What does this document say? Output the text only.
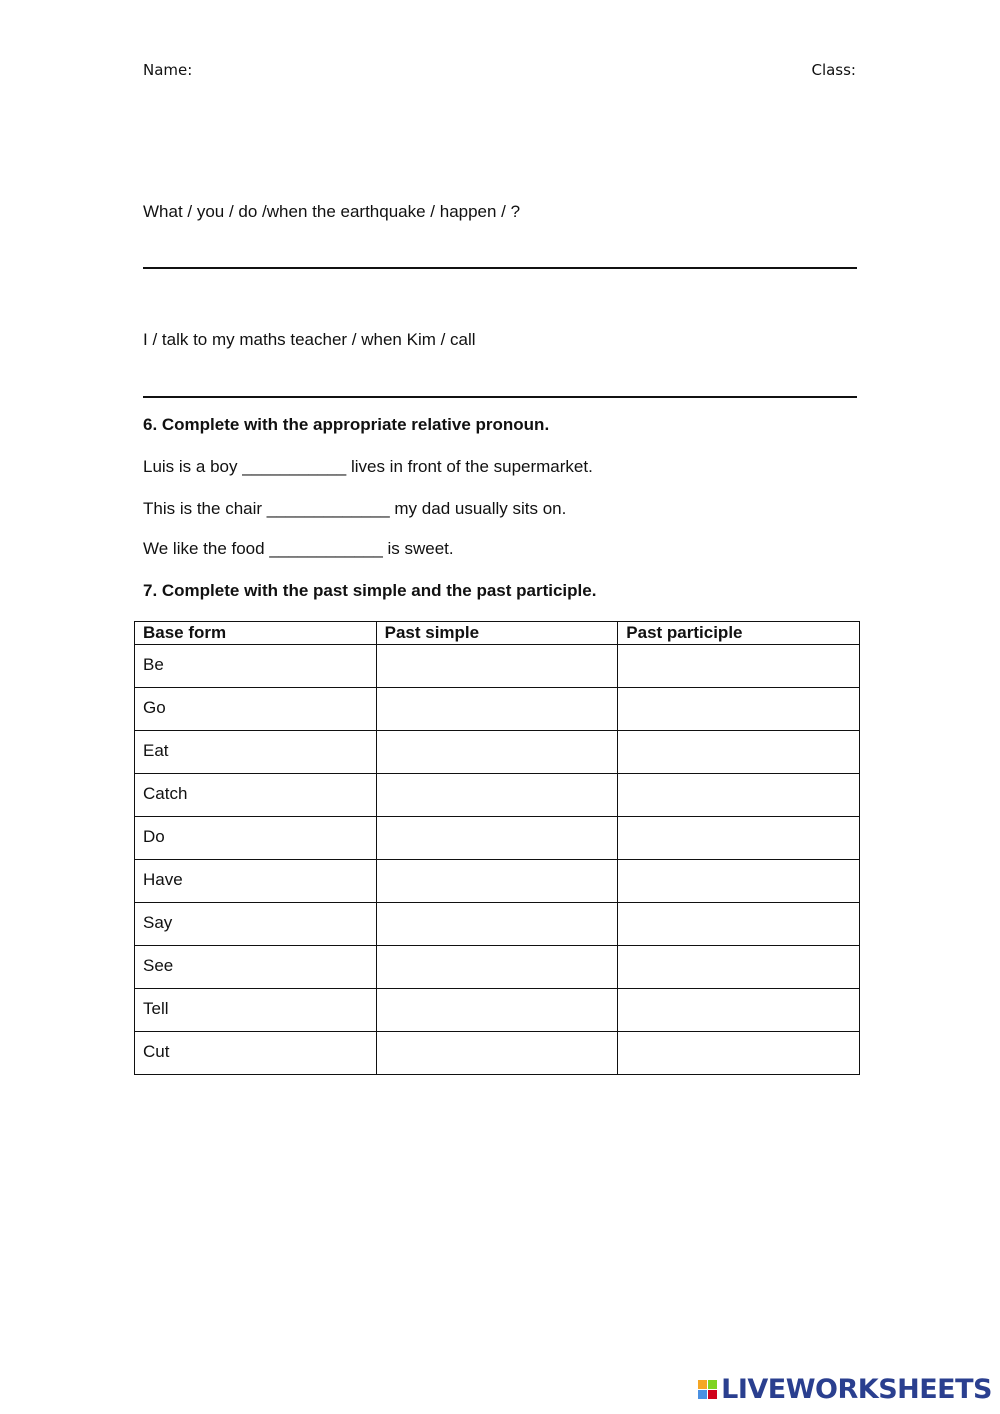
Name:	Class:
What / you / do /when the earthquake / happen / ?
I / talk to my maths teacher / when Kim / call
6. Complete with the appropriate relative pronoun.
Luis is a boy ___________ lives in front of the supermarket.
This is the chair _____________ my dad usually sits on.
We like the food ____________ is sweet.
7. Complete with the past simple and the past participle.
Base form	Past simple	Past participle
Be		
Go		
Eat		
Catch		
Do		
Have		
Say		
See		
Tell		
Cut		
LIVEWORKSHEETS
